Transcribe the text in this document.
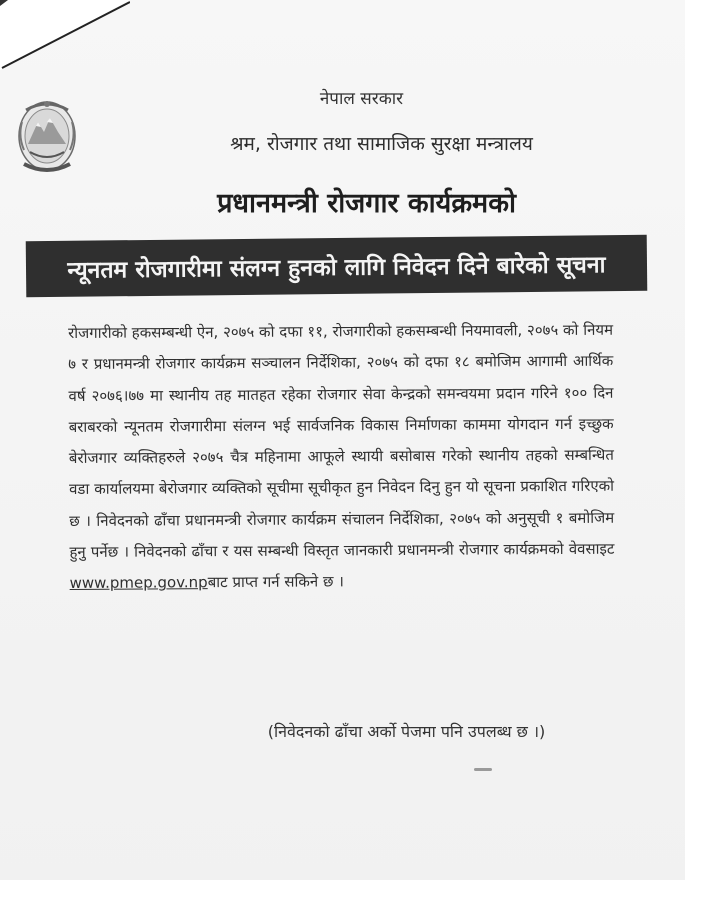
नेपाल सरकार
श्रम, रोजगार तथा सामाजिक सुरक्षा मन्त्रालय
प्रधानमन्त्री रोजगार कार्यक्रमको
न्यूनतम रोजगारीमा संलग्न हुनको लागि निवेदन दिने बारेको सूचना
रोजगारीको हकसम्बन्धी ऐन, २०७५ को दफा ११, रोजगारीको हकसम्बन्धी नियमावली, २०७५ को नियम ७ र प्रधानमन्त्री रोजगार कार्यक्रम सञ्चालन निर्देशिका, २०७५ को दफा १८ बमोजिम आगामी आर्थिक वर्ष २०७६।७७ मा स्थानीय तह मातहत रहेका रोजगार सेवा केन्द्रको समन्वयमा प्रदान गरिने १०० दिन बराबरको न्यूनतम रोजगारीमा संलग्न भई सार्वजनिक विकास निर्माणका काममा योगदान गर्न इच्छुक बेरोजगार व्यक्तिहरुले २०७५ चैत्र महिनामा आफूले स्थायी बसोबास गरेको स्थानीय तहको सम्बन्धित वडा कार्यालयमा बेरोजगार व्यक्तिको सूचीमा सूचीकृत हुन निवेदन दिनु हुन यो सूचना प्रकाशित गरिएको छ । निवेदनको ढाँचा प्रधानमन्त्री रोजगार कार्यक्रम संचालन निर्देशिका, २०७५ को अनुसूची १ बमोजिम हुनु पर्नेछ । निवेदनको ढाँचा र यस सम्बन्धी विस्तृत जानकारी प्रधानमन्त्री रोजगार कार्यक्रमको वेवसाइट www.pmep.gov.npबाट प्राप्त गर्न सकिने छ ।
(निवेदनको ढाँचा अर्को पेजमा पनि उपलब्ध छ ।)
